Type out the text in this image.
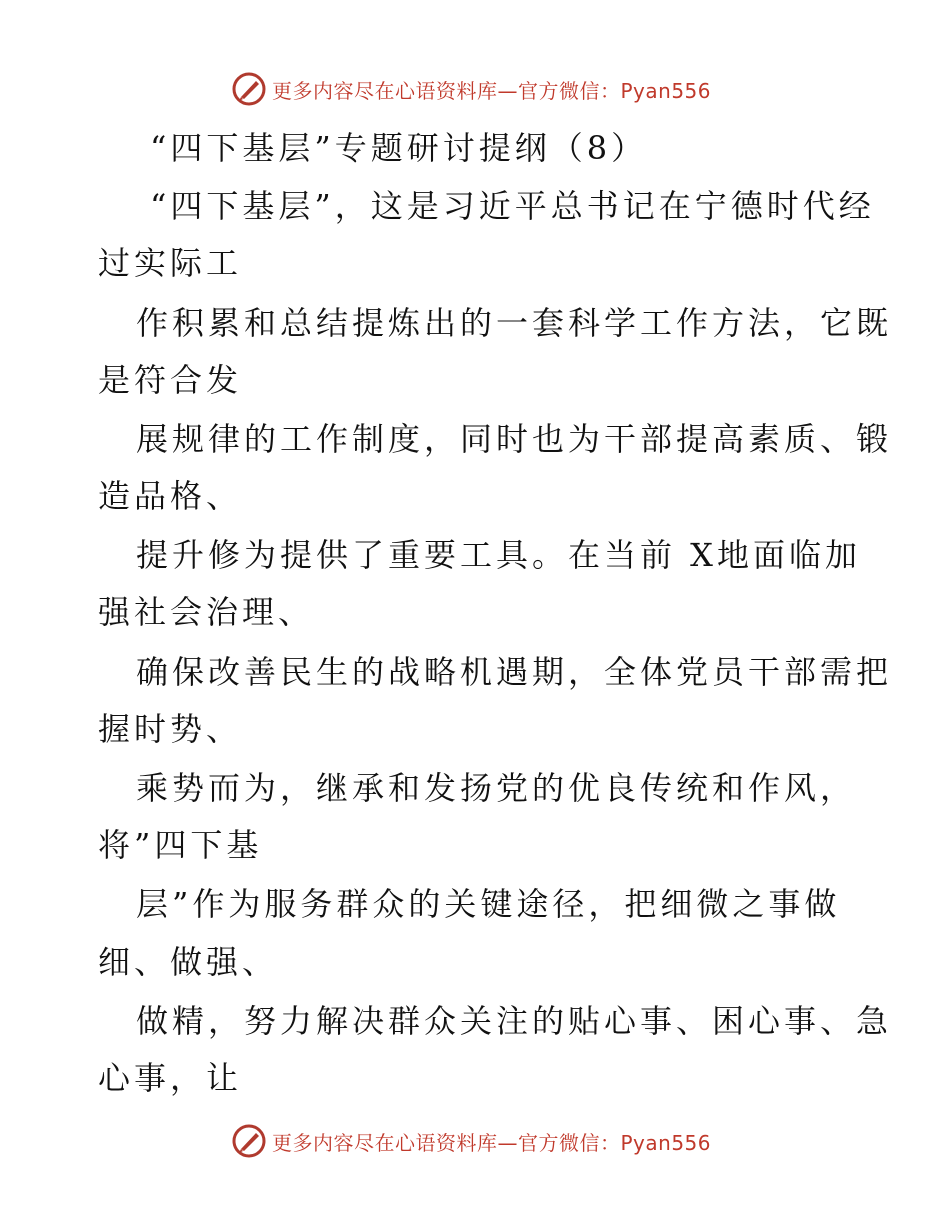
更多内容尽在心语资料库—官方微信：Pyan556
“四下基层”专题研讨提纲（8）
“四下基层”，这是习近平总书记在宁德时代经
过实际工
作积累和总结提炼出的一套科学工作方法，它既
是符合发
展规律的工作制度，同时也为干部提高素质、锻
造品格、
提升修为提供了重要工具。在当前 X地面临加
强社会治理、
确保改善民生的战略机遇期，全体党员干部需把
握时势、
乘势而为，继承和发扬党的优良传统和作风，
将”四下基
层”作为服务群众的关键途径，把细微之事做
细、做强、
做精，努力解决群众关注的贴心事、困心事、急
心事，让
更多内容尽在心语资料库—官方微信：Pyan556
